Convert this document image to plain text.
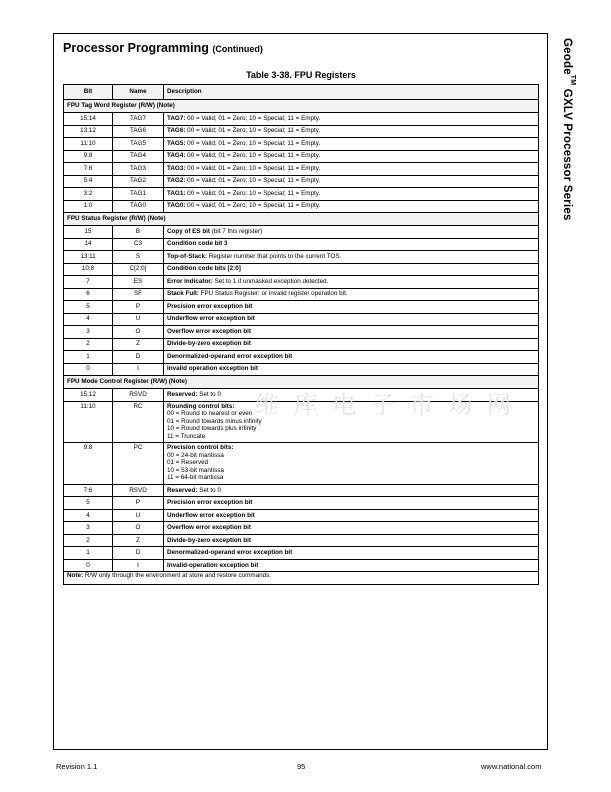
Geode™ GXLV Processor Series
Processor Programming (Continued)
Table 3-38. FPU Registers
Bit	Name	Description
FPU Tag Word Register (R/W) (Note)		
15:14	TAG7	TAG7: 00 = Valid; 01 = Zero; 10 = Special; 11 = Empty.
13:12	TAG6	TAG6: 00 = Valid; 01 = Zero; 10 = Special; 11 = Empty.
11:10	TAG5	TAG5: 00 = Valid; 01 = Zero; 10 = Special; 11 = Empty.
9:8	TAG4	TAG4: 00 = Valid; 01 = Zero; 10 = Special; 11 = Empty.
7:6	TAG3	TAG3: 00 = Valid; 01 = Zero; 10 = Special; 11 = Empty.
5:4	TAG2	TAG2: 00 = Valid; 01 = Zero; 10 = Special; 11 = Empty.
3:2	TAG1	TAG1: 00 = Valid; 01 = Zero; 10 = Special; 11 = Empty.
1:0	TAG0	TAG0: 00 = Valid; 01 = Zero; 10 = Special; 11 = Empty.
FPU Status Register (R/W) (Note)		
15	B	Copy of ES bit (bit 7 this register)
14	C3	Condition code bit 3
13:11	S	Top-of-Stack: Register number that points to the current TOS.
10:8	C[2:0]	Condition code bits [2:0]
7	ES	Error indicator: Set to 1 if unmasked exception detected.
6	SF	Stack Full: FPU Status Register: or invalid register operation bit.
5	P	Precision error exception bit
4	U	Underflow error exception bit
3	O	Overflow error exception bit
2	Z	Divide-by-zero exception bit
1	D	Denormalized-operand error exception bit
0	I	Invalid operation exception bit
FPU Mode Control Register (R/W) (Note)		
15:12	RSVD	Reserved: Set to 0
11:10	RC	Rounding control bits:
00 = Round to nearest or even
01 = Round towards minus infinity
10 = Round towards plus infinity
11 = Truncate

9:8	PC	Precision control bits:
00 = 24-bit mantissa
01 = Reserved
10 = 53-bit mantissa
11 = 64-bit mantissa

7:6	RSVD	Reserved: Set to 0
5	P	Precision error exception bit
4	U	Underflow error exception bit
3	O	Overflow error exception bit
2	Z	Divide-by-zero exception bit
1	D	Denormalized-operand error exception bit
0	I	Invalid-operation exception bit
Note: R/W only through the environment at store and restore commands.		
维 库 电 子 市 场 网
Revision 1.1	95	www.national.com
